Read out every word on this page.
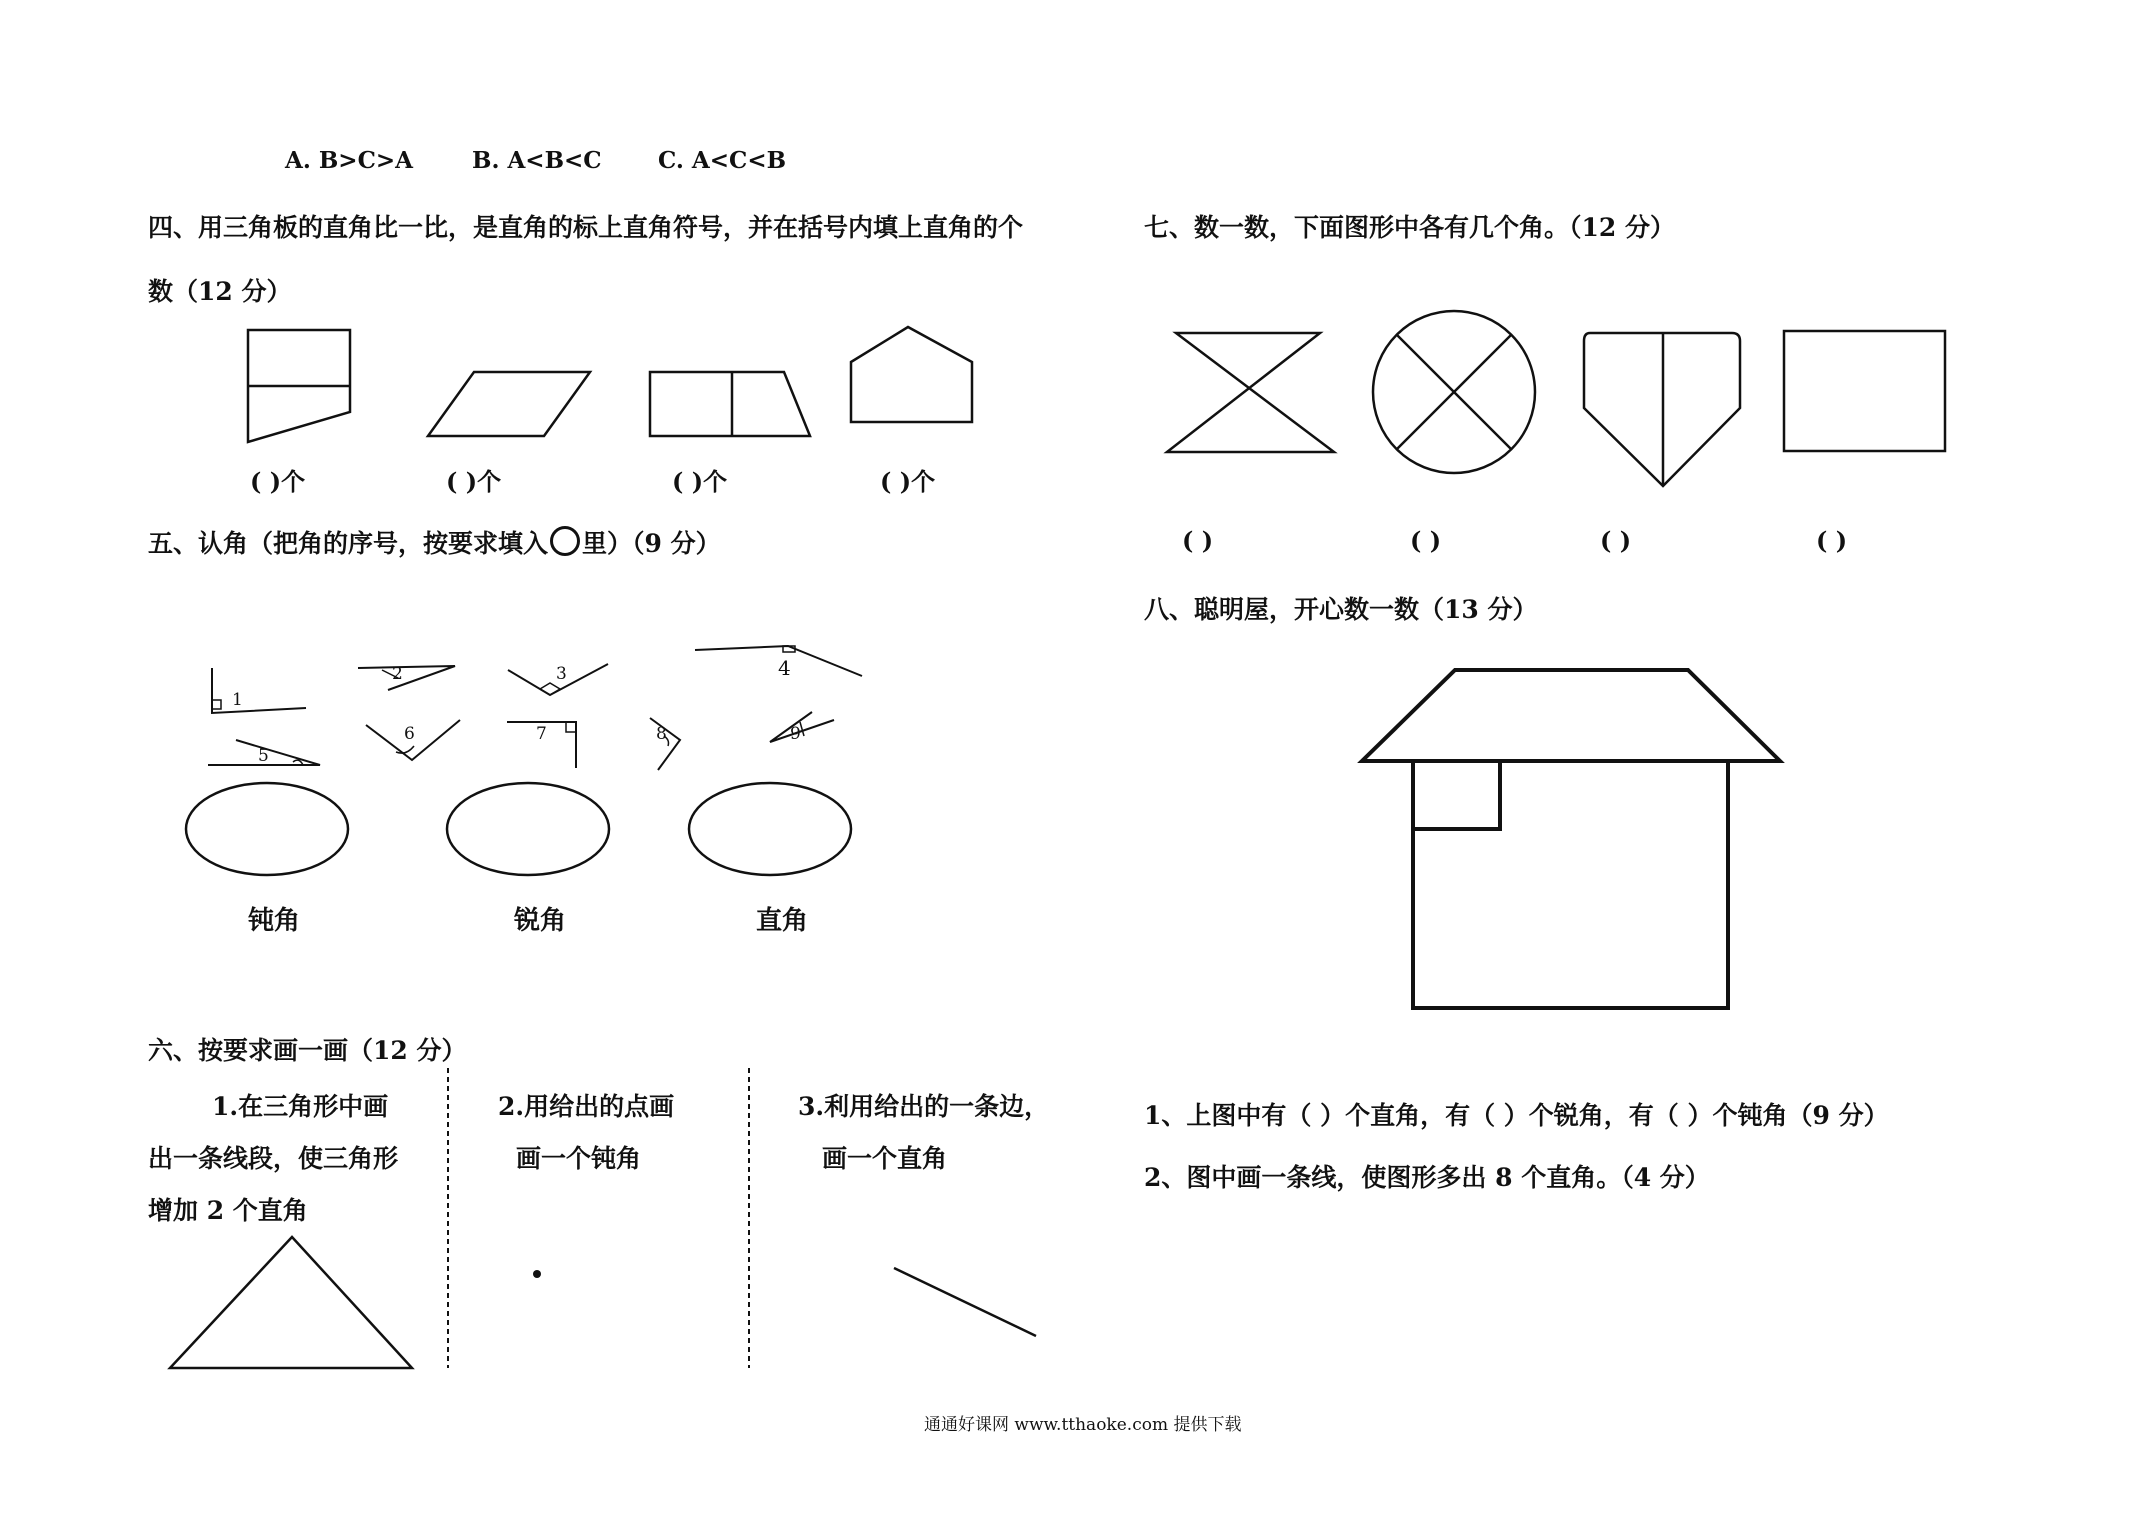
A. B>C>A	B. A<B<C C. A<C<B
四、用三角板的直角比一比，是直角的标上直角符号，并在括号内填上直角的个
数（12 分）
( )个	( )个	( )个	( )个
五、认角（把角的序号，按要求填入 里）（9 分）
1
2	3	4
5
6	7	8	9
钝角	锐角	直角
六、按要求画一画（12 分）
1.在三角形中画
出一条线段，使三角形
增加 2 个直角
2.用给出的点画
画一个钝角
3.利用给出的一条边，
画一个直角
七、数一数，下面图形中各有几个角。（12 分）
( )	( )	( )	( )
八、聪明屋，开心数一数（13 分）
1、上图中有（ ）个直角，有（ ）个锐角，有（ ）个钝角（9 分）
2、图中画一条线，使图形多出 8 个直角。（4 分）
通通好课网 www.tthaoke.com 提供下载
